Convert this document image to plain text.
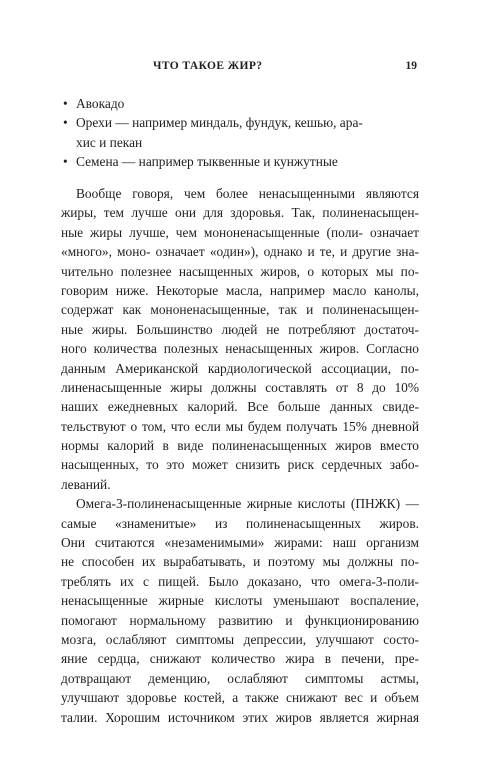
ЧТО ТАКОЕ ЖИР?	19
• Авокадо
• Орехи — например миндаль, фундук, кешью, ара-
хис и пекан
• Семена — например тыквенные и кунжутные

Вообще говоря, чем более ненасыщенными являются
жиры, тем лучше они для здоровья. Так, полиненасыщен-
ные жиры лучше, чем мононенасыщенные (поли- означает
«много», моно- означает «один»), однако и те, и другие зна-
чительно полезнее насыщенных жиров, о которых мы по-
говорим ниже. Некоторые масла, например масло канолы,
содержат как мононенасыщенные, так и полиненасыщен-
ные жиры. Большинство людей не потребляют достаточ-
ного количества полезных ненасыщенных жиров. Согласно
данным Американской кардиологической ассоциации, по-
линенасыщенные жиры должны составлять от 8 до 10%
наших ежедневных калорий. Все больше данных свиде-
тельствуют о том, что если мы будем получать 15% дневной
нормы калорий в виде полиненасыщенных жиров вместо
насыщенных, то это может снизить риск сердечных забо-
леваний.

Омега-3-полиненасыщенные жирные кислоты (ПНЖК) —
самые «знаменитые» из полиненасыщенных жиров.
Они считаются «незаменимыми» жирами: наш организм
не способен их вырабатывать, и поэтому мы должны по-
треблять их с пищей. Было доказано, что омега-3-поли-
ненасыщенные жирные кислоты уменьшают воспаление,
помогают нормальному развитию и функционированию
мозга, ослабляют симптомы депрессии, улучшают состо-
яние сердца, снижают количество жира в печени, пре-
дотвращают деменцию, ослабляют симптомы астмы,
улучшают здоровье костей, а также снижают вес и объем
талии. Хорошим источником этих жиров является жирная
